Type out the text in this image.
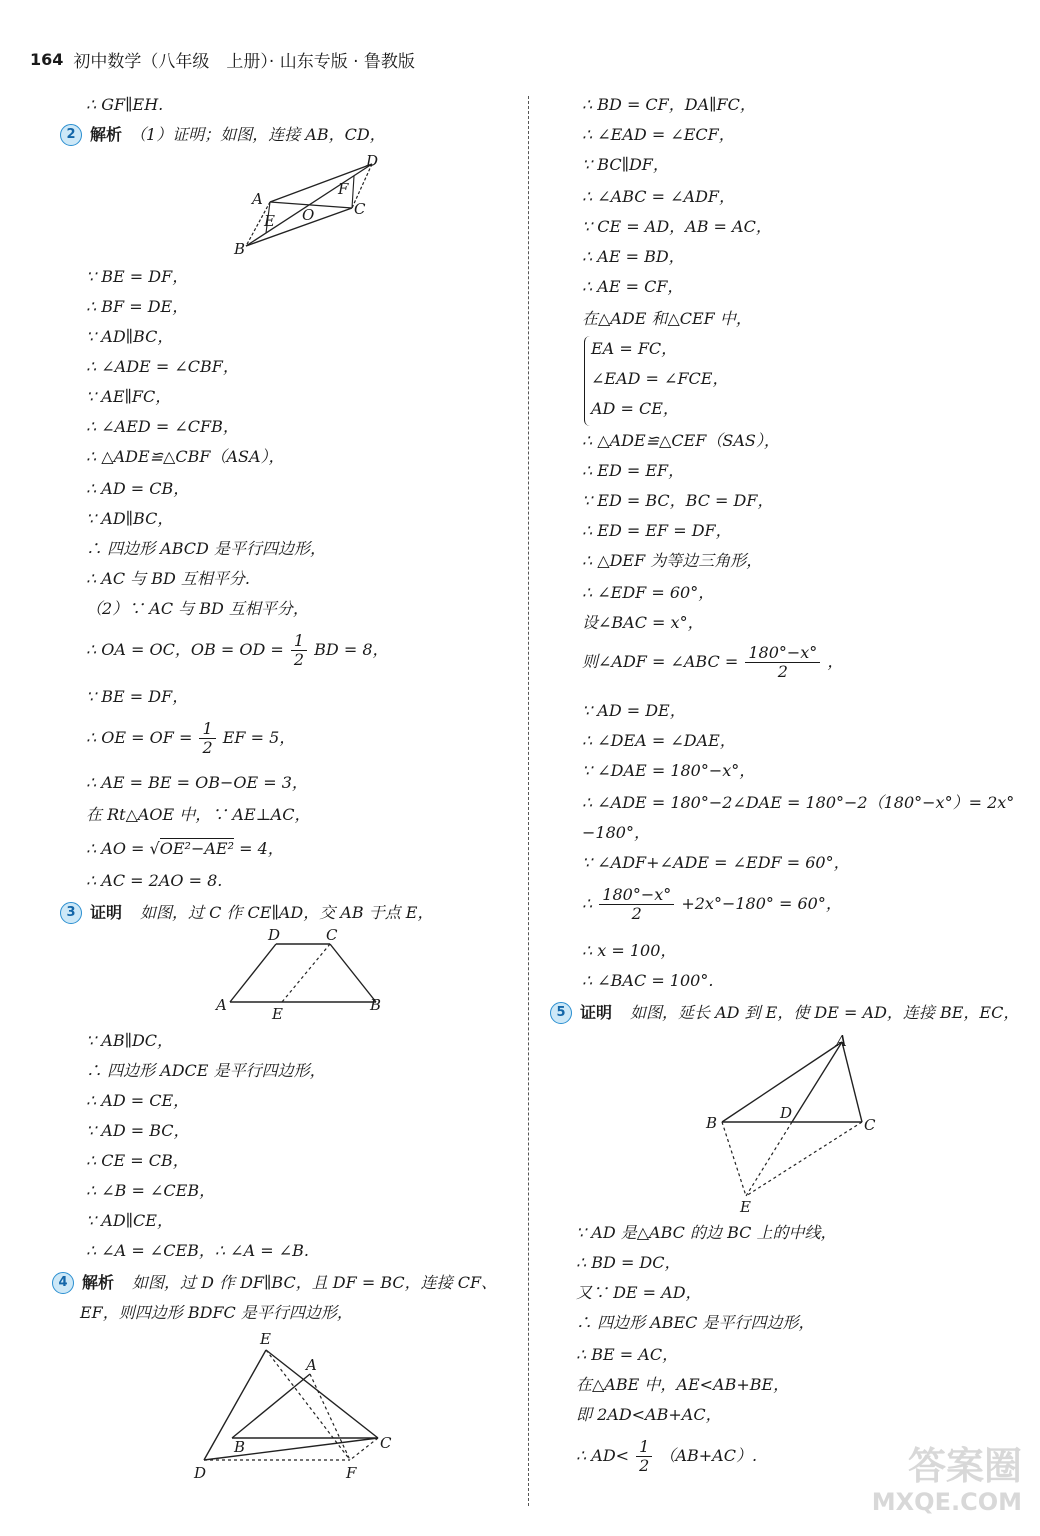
164 初中数学（八年级　上册）· 山东专版 · 鲁教版
∴ GF∥EH.
2 解析 （1）证明；如图，连接 AB，CD，
A
B
C
D
E
F
O
∵ BE = DF，
∴ BF = DE，
∵ AD∥BC，
∴ ∠ADE = ∠CBF，
∵ AE∥FC，
∴ ∠AED = ∠CFB，
∴ △ADE≌△CBF（ASA），
∴ AD = CB，
∵ AD∥BC，
∴ 四边形 ABCD 是平行四边形，
∴ AC 与 BD 互相平分.
（2）∵ AC 与 BD 互相平分，
∴ OA = OC，OB = OD = $\frac{1}{2}$ BD = 8，
∵ BE = DF，
∴ OE = OF = $\frac{1}{2}$ EF = 5，
∴ AE = BE = OB−OE = 3，
在 Rt△AOE 中，∵ AE⊥AC，
∴ AO = √OE²−AE² = 4，
∴ AC = 2AO = 8.
3 证明 如图，过 C 作 CE∥AD，交 AB 于点 E，
A	B
C
D
E
∵ AB∥DC，
∴ 四边形 ADCE 是平行四边形，
∴ AD = CE，
∵ AD = BC，
∴ CE = CB，
∴ ∠B = ∠CEB，
∵ AD∥CE，
∴ ∠A = ∠CEB，∴ ∠A = ∠B.
4 解析 如图，过 D 作 DF∥BC，且 DF = BC，连接 CF、
EF，则四边形 BDFC 是平行四边形，
A
B	C
D
E
F
∴ BD = CF，DA∥FC，
∴ ∠EAD = ∠ECF，
∵ BC∥DF，
∴ ∠ABC = ∠ADF，
∵ CE = AD，AB = AC，
∴ AE = BD，
∴ AE = CF，
在△ADE 和△CEF 中，
EA = FC，
∠EAD = ∠FCE，
AD = CE，
∴ △ADE≌△CEF（SAS），
∴ ED = EF，
∵ ED = BC，BC = DF，
∴ ED = EF = DF，
∴ △DEF 为等边三角形，
∴ ∠EDF = 60°，
设∠BAC = x°，
则∠ADF = ∠ABC = $\frac{180^\circ-x^\circ}{2}$ ，
∵ AD = DE，
∴ ∠DEA = ∠DAE，
∵ ∠DAE = 180°−x°，
∴ ∠ADE = 180°−2∠DAE = 180°−2（180°−x°）= 2x°
−180°，
∵ ∠ADF+∠ADE = ∠EDF = 60°，
∴ $\frac{180^\circ-x^\circ}{2} +2x^\circ-180^\circ = 60^\circ$，
∴ x = 100，
∴ ∠BAC = 100°.
5 证明 如图，延长 AD 到 E，使 DE = AD，连接 BE，EC，
A
B	C
D
E
∵ AD 是△ABC 的边 BC 上的中线，
∴ BD = DC，
又∵ DE = AD，
∴ 四边形 ABEC 是平行四边形，
∴ BE = AC，
在△ABE 中，AE<AB+BE，
即 2AD<AB+AC，
∴ $AD< \frac{1}{2} (AB+AC)$.	答案圈
MXQE.COM
